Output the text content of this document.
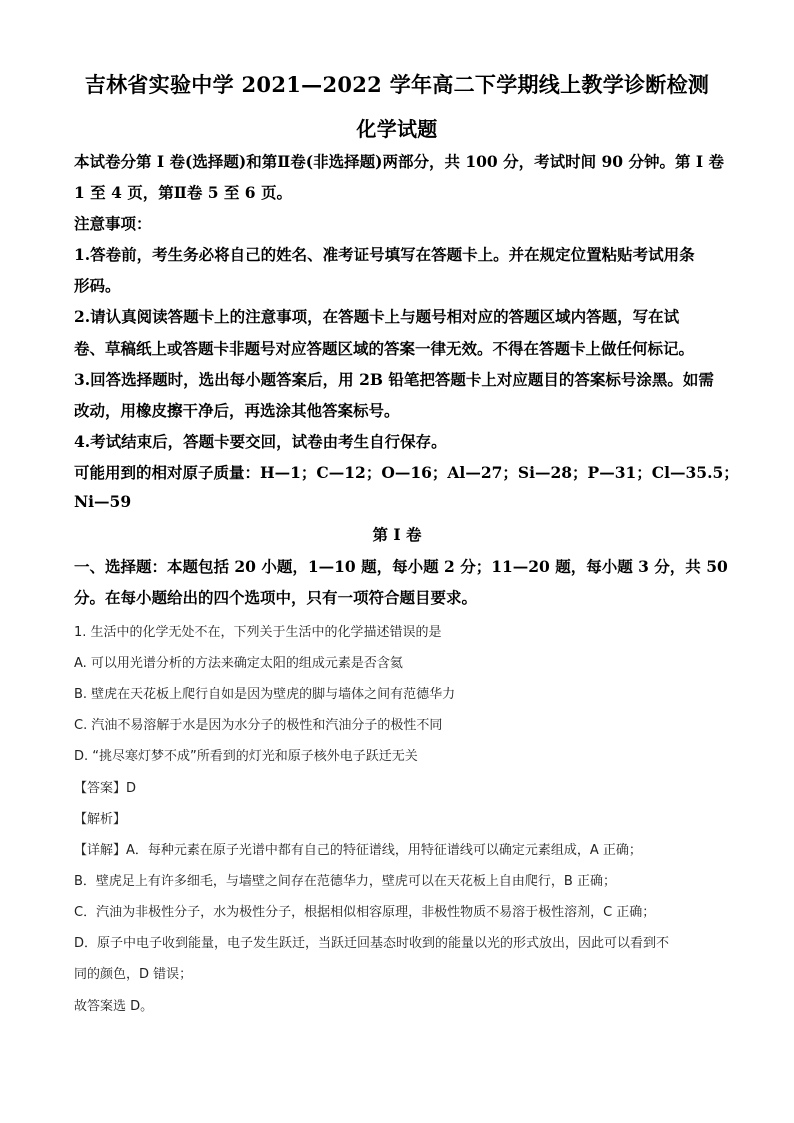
吉林省实验中学 2021—2022 学年高二下学期线上教学诊断检测
化学试题
本试卷分第 I 卷(选择题)和第Ⅱ卷(非选择题)两部分，共 100 分，考试时间 90 分钟。第 I 卷
1 至 4 页，第Ⅱ卷 5 至 6 页。
注意事项：
1.答卷前，考生务必将自己的姓名、准考证号填写在答题卡上。并在规定位置粘贴考试用条
形码。
2.请认真阅读答题卡上的注意事项，在答题卡上与题号相对应的答题区域内答题，写在试
卷、草稿纸上或答题卡非题号对应答题区域的答案一律无效。不得在答题卡上做任何标记。
3.回答选择题时，选出每小题答案后，用 2B 铅笔把答题卡上对应题目的答案标号涂黑。如需
改动，用橡皮擦干净后，再选涂其他答案标号。
4.考试结束后，答题卡要交回，试卷由考生自行保存。
可能用到的相对原子质量：H—1；C—12；O—16；Al—27；Si—28；P—31；Cl—35.5；
Ni—59
第 I 卷
一、选择题：本题包括 20 小题，1—10 题，每小题 2 分；11—20 题，每小题 3 分，共 50
分。在每小题给出的四个选项中，只有一项符合题目要求。
1. 生活中的化学无处不在，下列关于生活中的化学描述错误的是
A. 可以用光谱分析的方法来确定太阳的组成元素是否含氦
B. 壁虎在天花板上爬行自如是因为壁虎的脚与墙体之间有范德华力
C. 汽油不易溶解于水是因为水分子的极性和汽油分子的极性不同
D. “挑尽寒灯梦不成”所看到的灯光和原子核外电子跃迁无关
【答案】D
【解析】
【详解】A．每种元素在原子光谱中都有自己的特征谱线，用特征谱线可以确定元素组成，A 正确；
B．壁虎足上有许多细毛，与墙壁之间存在范德华力，壁虎可以在天花板上自由爬行，B 正确；
C．汽油为非极性分子，水为极性分子，根据相似相容原理，非极性物质不易溶于极性溶剂，C 正确；
D．原子中电子收到能量，电子发生跃迁，当跃迁回基态时收到的能量以光的形式放出，因此可以看到不
同的颜色，D 错误；
故答案选 D。
